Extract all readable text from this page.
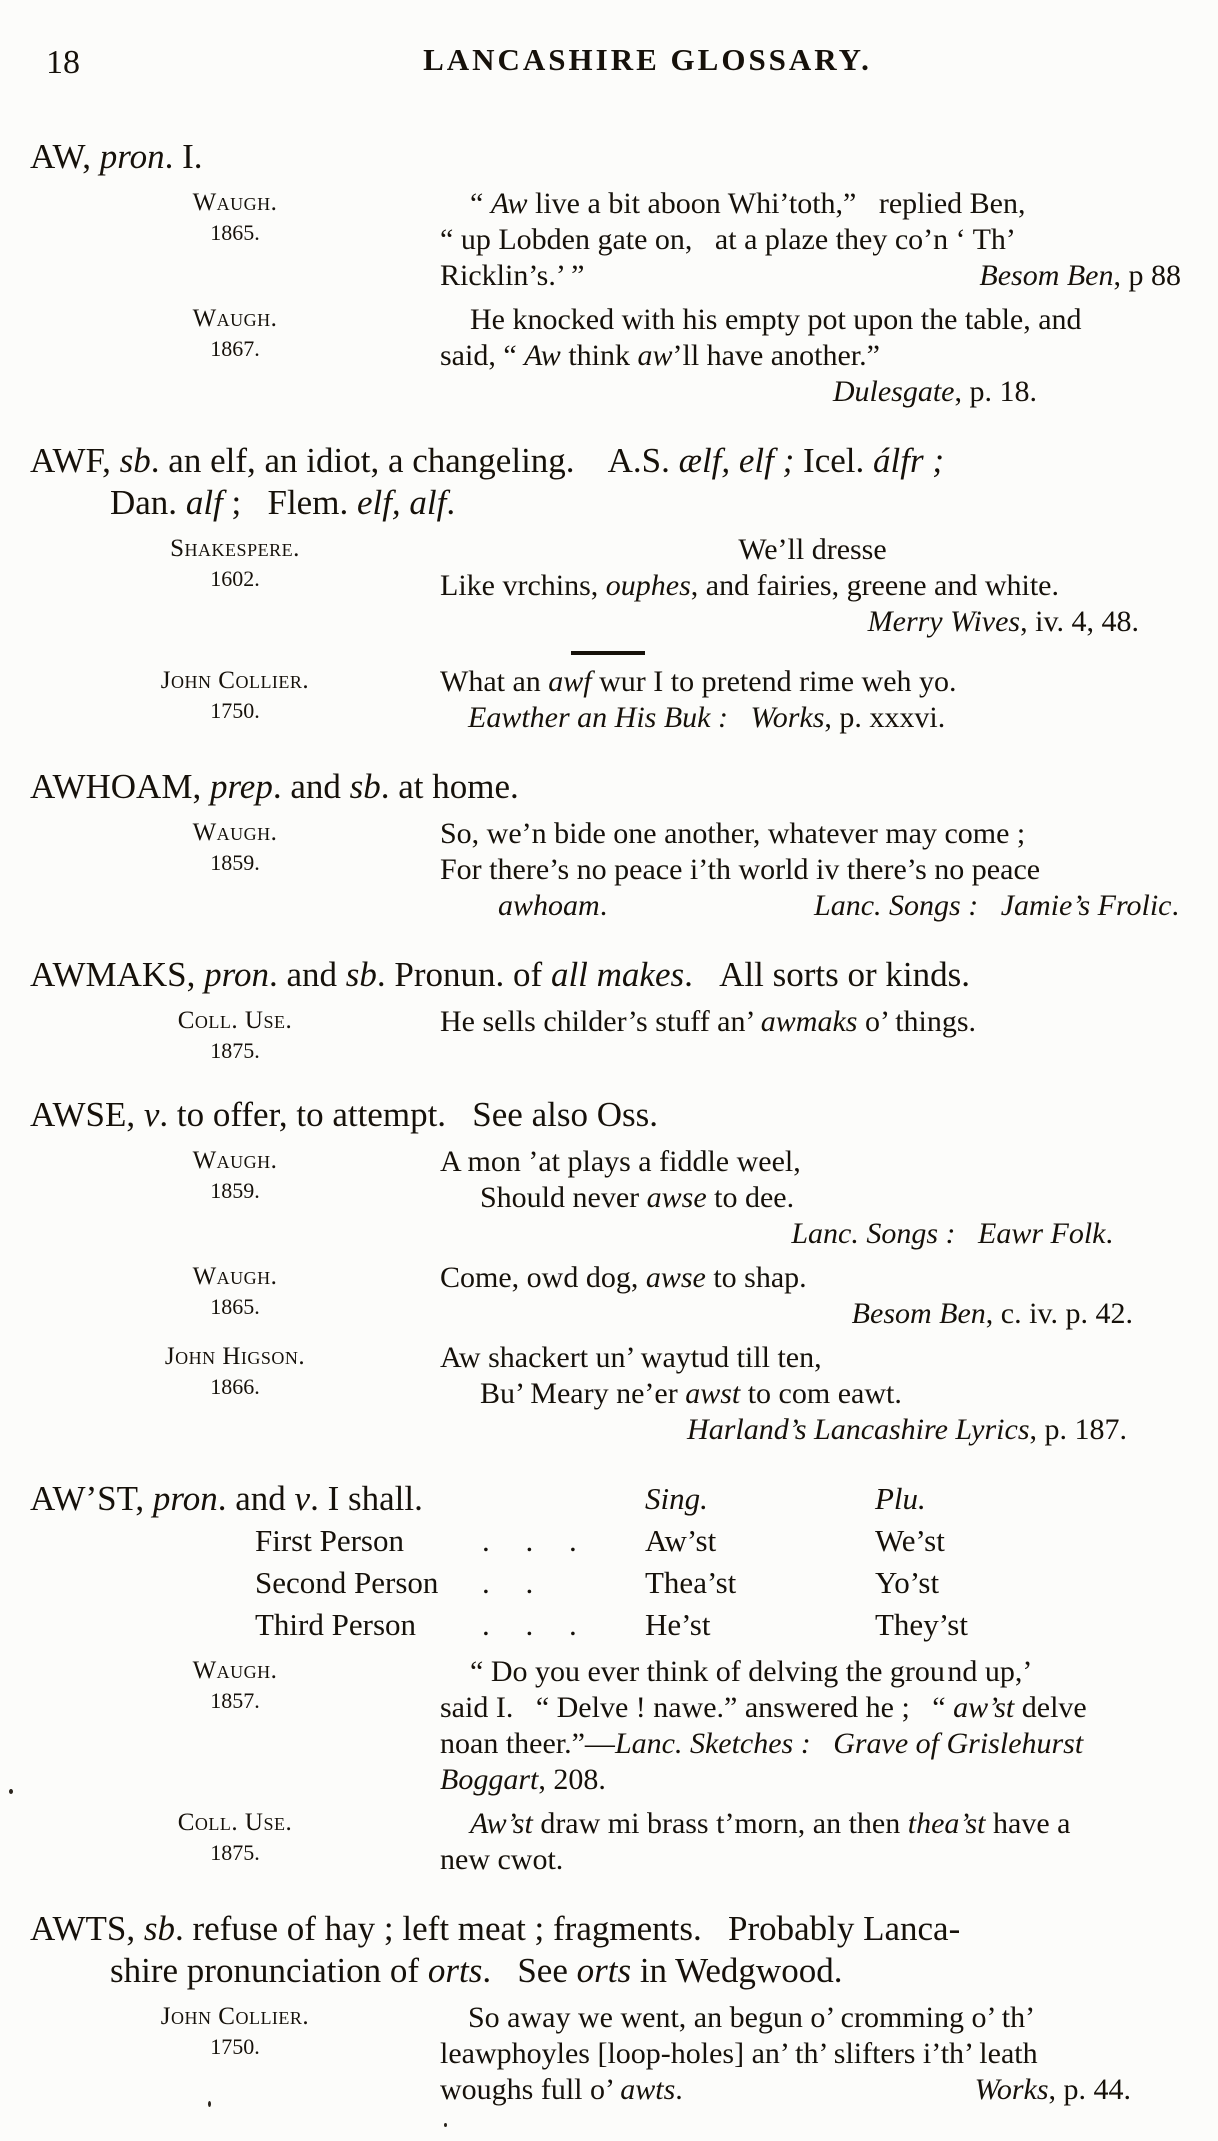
18	LANCASHIRE GLOSSARY.

AW, pron. I.

Waugh.
1865.
“ Aw live a bit aboon Whi’toth,”  replied Ben,
“ up Lobden gate on,  at a plaze they co’n ‘ Th’
Besom Ben, p 88
Ricklin’s.’ ”
Waugh.
1867.
He knocked with his empty pot upon the table, and
said, “ Aw think aw’ll have another.”
Dulesgate, p. 18.

AWF, sb. an elf, an idiot, a changeling.   A.S. ælf, elf ; Icel. álfr ;

Dan. alf ;  Flem. elf, alf.

Shakespere.
1602.
We’ll dresse
Like vrchins, ouphes, and fairies, greene and white.
Merry Wives, iv. 4, 48.
John Collier.
1750.
What an awf wur I to pretend rime weh yo.
Eawther an His Buk :  Works, p. xxxvi.

AWHOAM, prep. and sb. at home.

Waugh.
1859.
So, we’n bide one another, whatever may come ;
For there’s no peace i’th world iv there’s no peace
Lanc. Songs :  Jamie’s Frolic.
awhoam.

AWMAKS, pron. and sb. Pronun. of all makes.  All sorts or kinds.

Coll. Use.
1875.
He sells childer’s stuff an’ awmaks o’ things.

AWSE, v. to offer, to attempt.  See also Oss.

Waugh.
1859.
A mon ’at plays a fiddle weel,
Should never awse to dee.
Lanc. Songs :  Eawr Folk.
Waugh.
1865.
Come, owd dog, awse to shap.
Besom Ben, c. iv. p. 42.
John Higson.
1866.
Aw shackert un’ waytud till ten,
Bu’ Meary ne’er awst to com eawt.
Harland’s Lancashire Lyrics, p. 187.

AW’ST, pron. and v. I shall.	Sing.	Plu.

First Person	. . . Aw’st	We’st
Second Person . .	Thea’st	Yo’st
Third Person . . . He’st	They’st
Waugh.
1857.
“ Do you ever think of delving the grou nd up,’
said I.  “ Delve ! nawe.” answered he ;  “ aw’st delve
noan theer.”—Lanc. Sketches :  Grave of Grislehurst
Boggart, 208.
Coll. Use.
1875.
Aw’st draw mi brass t’morn, an then thea’st have a
new cwot.

AWTS, sb. refuse of hay ; left meat ; fragments.  Probably Lanca-

shire pronunciation of orts.  See orts in Wedgwood.

John Collier.
1750.
So away we went, an begun o’ cromming o’ th’
leawphoyles [loop-holes] an’ th’ slifters i’th’ leath
Works, p. 44.
woughs full o’ awts.
